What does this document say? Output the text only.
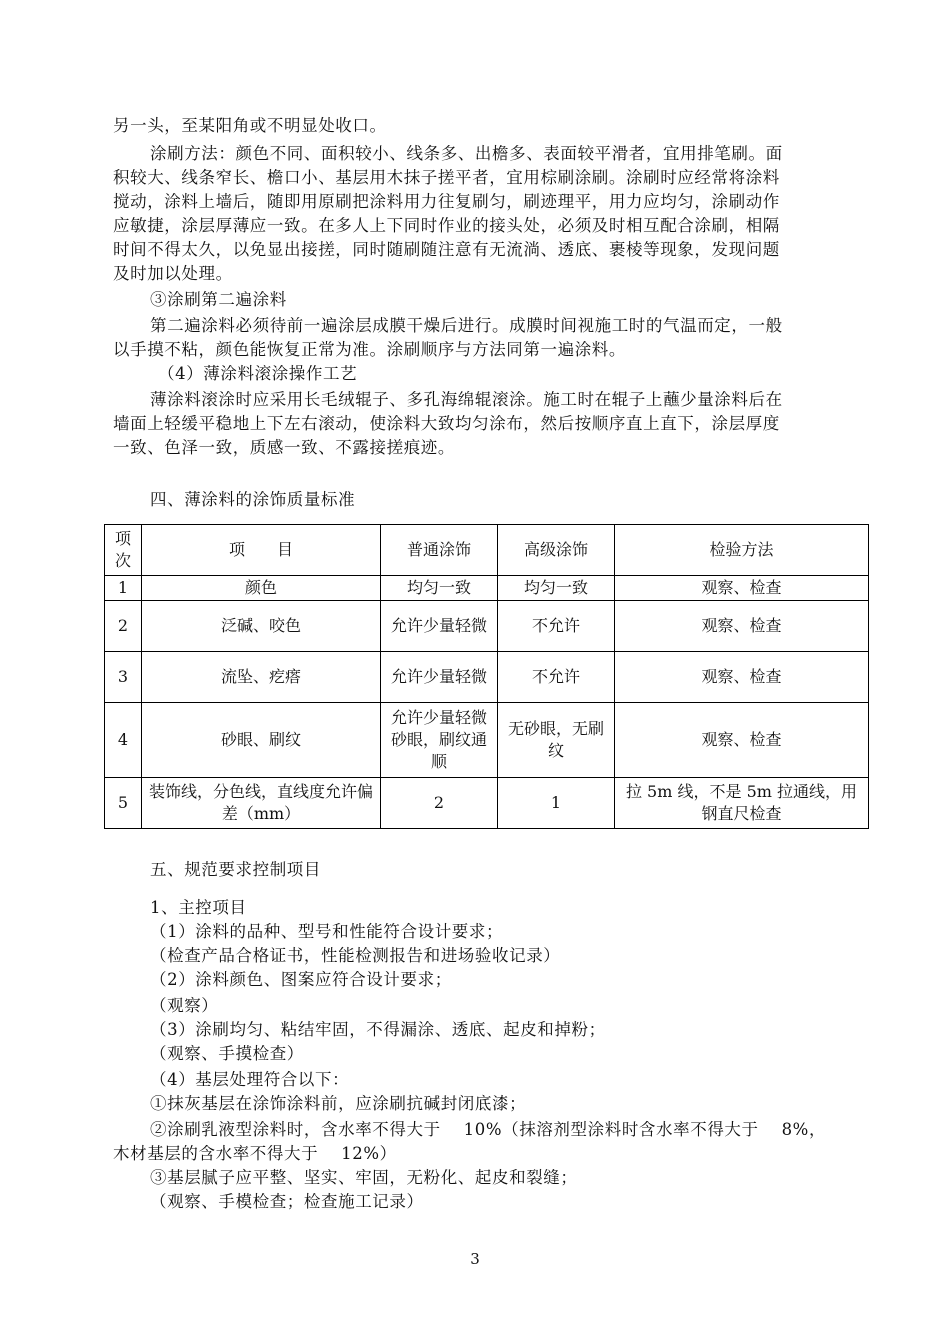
另一头，至某阳角或不明显处收口。
涂刷方法：颜色不同、面积较小、线条多、出檐多、表面较平滑者，宜用排笔刷。面
积较大、线条窄长、檐口小、基层用木抹子搓平者，宜用棕刷涂刷。涂刷时应经常将涂料
搅动，涂料上墙后，随即用原刷把涂料用力往复刷匀，刷迹理平，用力应均匀，涂刷动作
应敏捷，涂层厚薄应一致。在多人上下同时作业的接头处，必须及时相互配合涂刷，相隔
时间不得太久，以免显出接搓，同时随刷随注意有无流淌、透底、裹棱等现象，发现问题
及时加以处理。
③涂刷第二遍涂料
第二遍涂料必须待前一遍涂层成膜干燥后进行。成膜时间视施工时的气温而定，一般
以手摸不粘，颜色能恢复正常为准。涂刷顺序与方法同第一遍涂料。
（4）薄涂料滚涂操作工艺
薄涂料滚涂时应采用长毛绒辊子、多孔海绵辊滚涂。施工时在辊子上蘸少量涂料后在
墙面上轻缓平稳地上下左右滚动，使涂料大致均匀涂布，然后按顺序直上直下，涂层厚度
一致、色泽一致，质感一致、不露接搓痕迹。
四、薄涂料的涂饰质量标准
项次	项　　目	普通涂饰	高级涂饰	检验方法
1	颜色	均匀一致	均匀一致	观察、检查
2	泛碱、咬色	允许少量轻微	不允许	观察、检查
3	流坠、疙瘩	允许少量轻微	不允许	观察、检查
4	砂眼、刷纹	允许少量轻微砂眼，刷纹通顺	无砂眼，无刷纹	观察、检查
5	装饰线，分色线，直线度允许偏差（mm）	2	1	拉 5m 线，不是 5m 拉通线，用钢直尺检查
五、规范要求控制项目
1、主控项目
（1）涂料的品种、型号和性能符合设计要求；
（检查产品合格证书，性能检测报告和进场验收记录）
（2）涂料颜色、图案应符合设计要求；
（观察）
（3）涂刷均匀、粘结牢固，不得漏涂、透底、起皮和掉粉；
（观察、手摸检查）
（4）基层处理符合以下：
①抹灰基层在涂饰涂料前，应涂刷抗碱封闭底漆；
②涂刷乳液型涂料时，含水率不得大于　 10%（抹溶剂型涂料时含水率不得大于　 8%，
木材基层的含水率不得大于　 12%）
③基层腻子应平整、坚实、牢固，无粉化、起皮和裂缝；
（观察、手模检查；检查施工记录）
3
